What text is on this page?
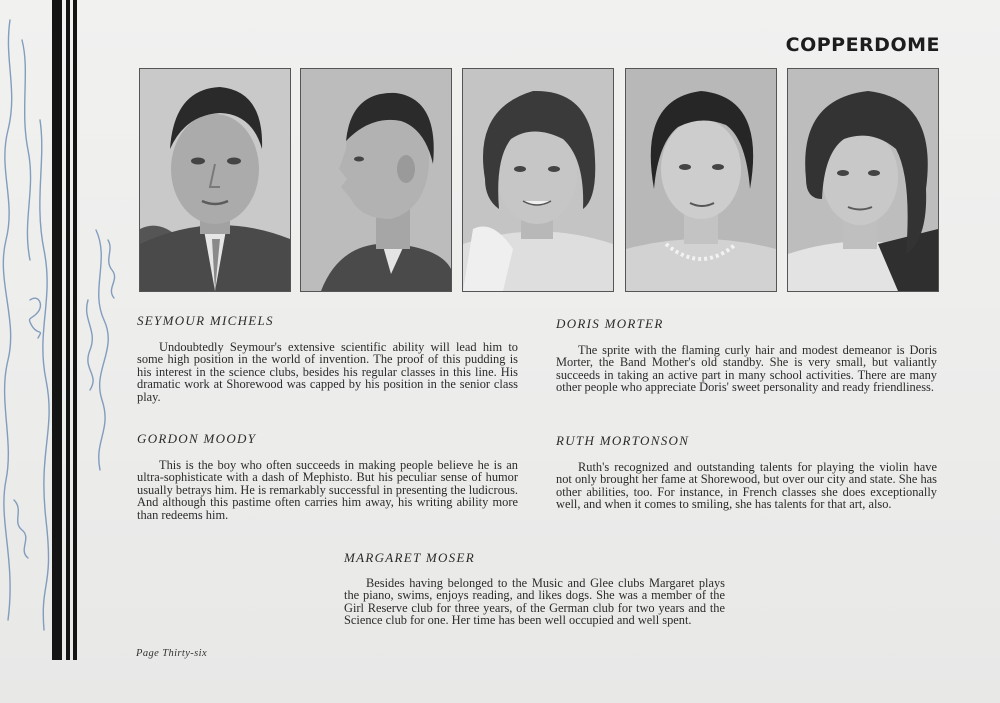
COPPERDOME
SEYMOUR MICHELS

Undoubtedly Seymour's extensive scientific ability will lead him to some high position in the world of invention. The proof of this pudding is his interest in the science clubs, besides his regular classes in this line. His dramatic work at Shorewood was capped by his position in the senior class play.

GORDON MOODY

This is the boy who often succeeds in making people believe he is an ultra-sophisticate with a dash of Mephisto. But his peculiar sense of humor usually betrays him. He is remarkably successful in presenting the ludicrous. And although this pastime often carries him away, his writing ability more than redeems him.

DORIS MORTER

The sprite with the flaming curly hair and modest demeanor is Doris Morter, the Band Mother's old standby. She is very small, but valiantly succeeds in taking an active part in many school activities. There are many other people who appreciate Doris' sweet personality and ready friendliness.

RUTH MORTONSON

Ruth's recognized and outstanding talents for playing the violin have not only brought her fame at Shorewood, but over our city and state. She has other abilities, too. For instance, in French classes she does exceptionally well, and when it comes to smiling, she has talents for that art, also.

MARGARET MOSER

Besides having belonged to the Music and Glee clubs Margaret plays the piano, swims, enjoys reading, and likes dogs. She was a member of the Girl Reserve club for three years, of the German club for two years and the Science club for one. Her time has been well occupied and well spent.

Page Thirty-six
